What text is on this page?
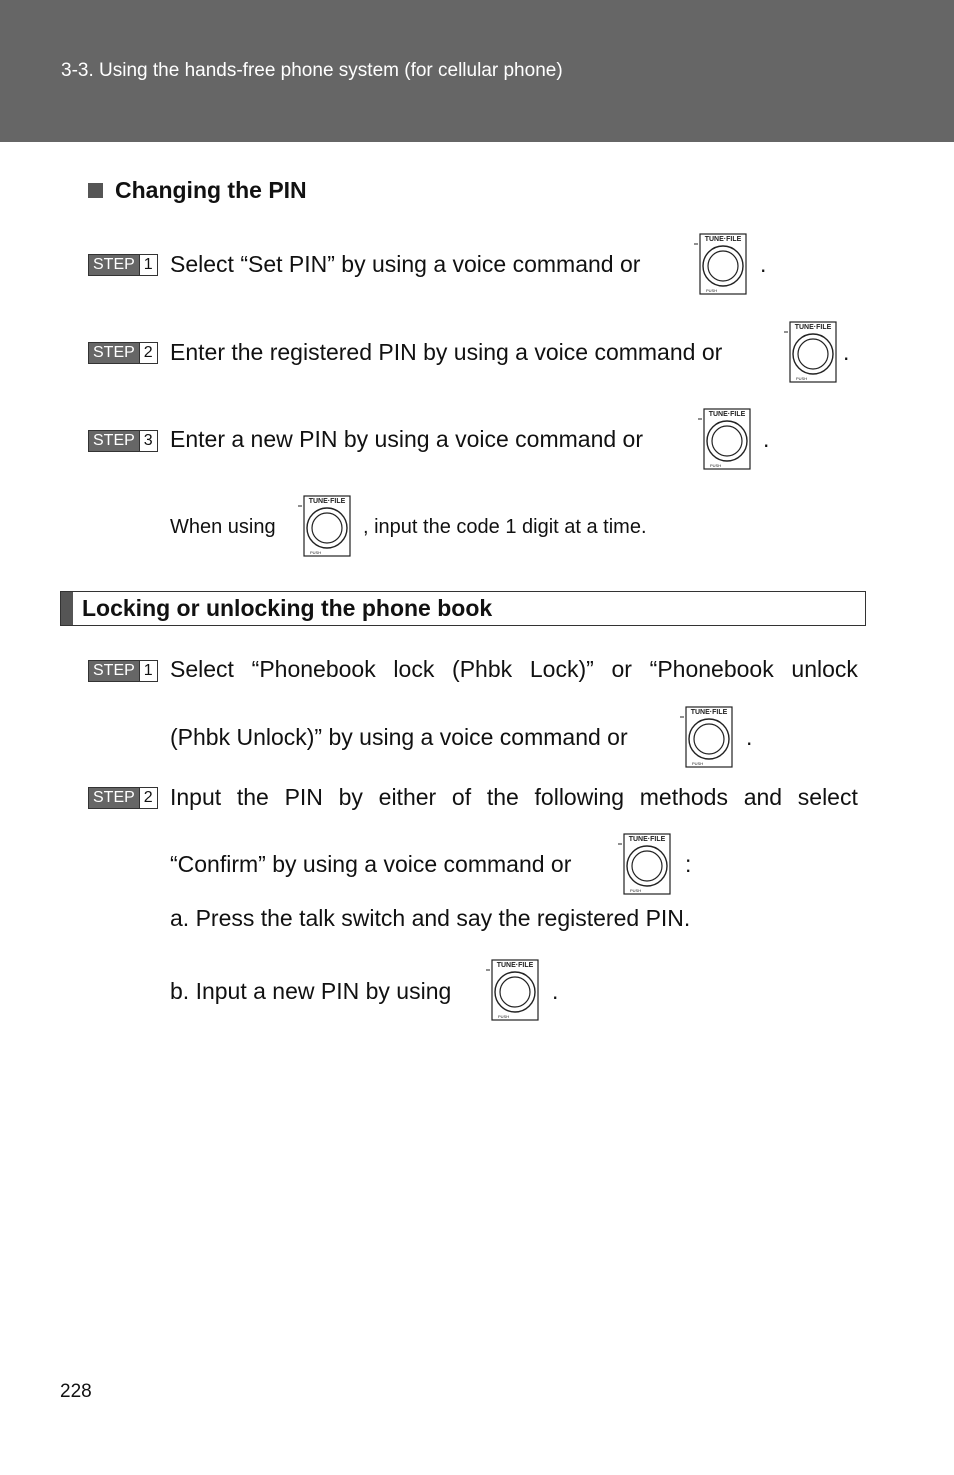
3-3. Using the hands-free phone system (for cellular phone)
Changing the PIN
STEP 1 Select “Set PIN” by using a voice command or	.
STEP 2 Enter the registered PIN by using a voice command or	.
STEP 3 Enter a new PIN by using a voice command or	.
When using	, input the code 1 digit at a time.
Locking or unlocking the phone book
STEP 1 Select “Phonebook lock (Phbk Lock)” or “Phonebook unlock
(Phbk Unlock)” by using a voice command or	.
STEP 2 Input the PIN by either of the following methods and select
“Confirm” by using a voice command or	:
a. Press the talk switch and say the registered PIN.
b. Input a new PIN by using	.
228
